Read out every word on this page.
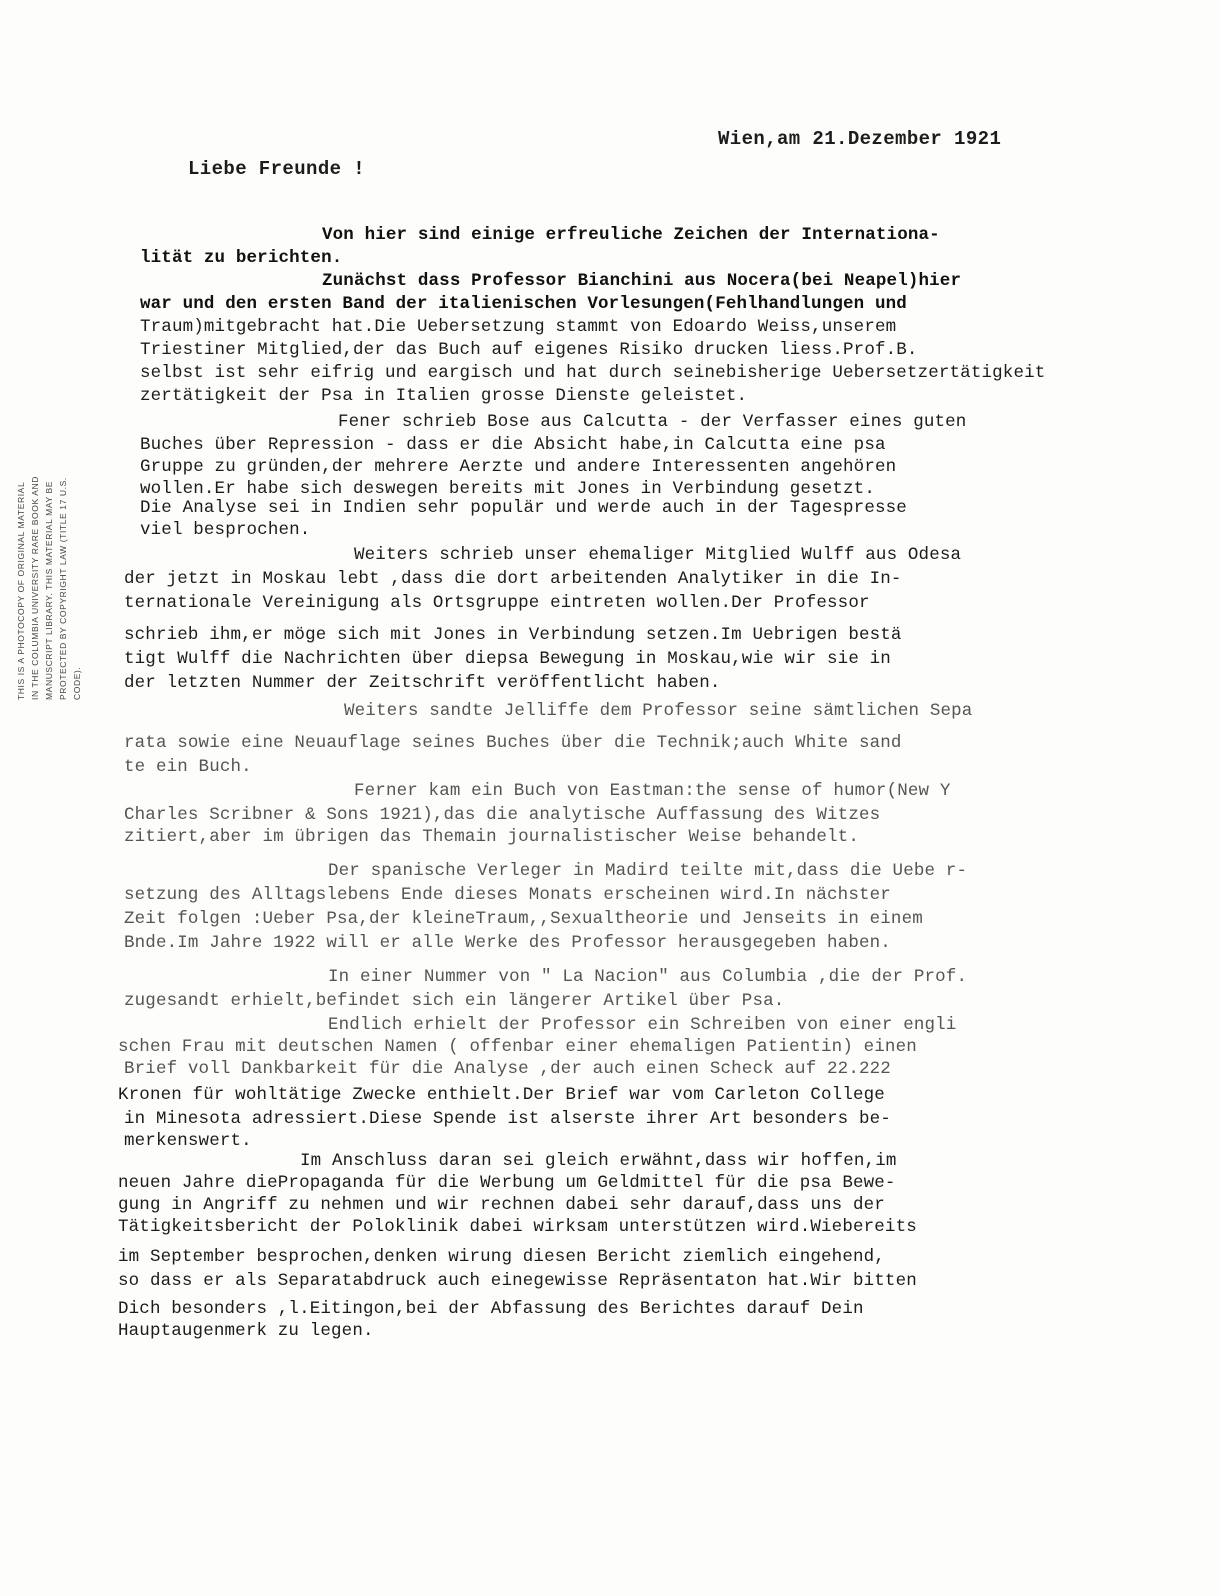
Wien,am 21.Dezember 1921
Liebe Freunde !
THIS IS A PHOTOCOPY OF ORIGINAL MATERIAL IN THE COLUMBIA UNIVERSITY RARE BOOK AND MANUSCRIPT LIBRARY. THIS MATERIAL MAY BE PROTECTED BY COPYRIGHT LAW (TITLE 17 U.S. CODE).
Von hier sind einige erfreuliche Zeichen der Internationa-
lität zu berichten.
Zunächst dass Professor Bianchini aus Nocera(bei Neapel)hier
war und den ersten Band der italienischen Vorlesungen(Fehlhandlungen und
Traum)mitgebracht hat.Die Uebersetzung stammt von Edoardo Weiss,unserem
Triestiner Mitglied,der das Buch auf eigenes Risiko drucken liess.Prof.B.
selbst ist sehr eifrig und eargisch und hat durch seinebisherige Uebersetzertätigkeit
zertätigkeit der Psa in Italien grosse Dienste geleistet.
Fener schrieb Bose aus Calcutta - der Verfasser eines guten
Buches über Repression - dass er die Absicht habe,in Calcutta eine psa
Gruppe zu gründen,der mehrere Aerzte und andere Interessenten angehören
wollen.Er habe sich deswegen bereits mit Jones in Verbindung gesetzt.
Die Analyse sei in Indien sehr populär und werde auch in der Tagespresse
viel besprochen.
Weiters schrieb unser ehemaliger Mitglied Wulff aus Odesa
der jetzt in Moskau lebt ,dass die dort arbeitenden Analytiker in die In-
ternationale Vereinigung als Ortsgruppe eintreten wollen.Der Professor
schrieb ihm,er möge sich mit Jones in Verbindung setzen.Im Uebrigen bestä
tigt Wulff die Nachrichten über diepsa Bewegung in Moskau,wie wir sie in
der letzten Nummer der Zeitschrift veröffentlicht haben.
Weiters sandte Jelliffe dem Professor seine sämtlichen Sepa
rata sowie eine Neuauflage seines Buches über die Technik;auch White sand
te ein Buch.
Ferner kam ein Buch von Eastman:the sense of humor(New Y
Charles Scribner & Sons 1921),das die analytische Auffassung des Witzes
zitiert,aber im übrigen das Themain journalistischer Weise behandelt.
Der spanische Verleger in Madird teilte mit,dass die Uebe r-
setzung des Alltagslebens Ende dieses Monats erscheinen wird.In nächster
Zeit folgen :Ueber Psa,der kleineTraum,,Sexualtheorie und Jenseits in einem
Bnde.Im Jahre 1922 will er alle Werke des Professor herausgegeben haben.
In einer Nummer von " La Nacion" aus Columbia ,die der Prof.
zugesandt erhielt,befindet sich ein längerer Artikel über Psa.
Endlich erhielt der Professor ein Schreiben von einer engli
schen Frau mit deutschen Namen ( offenbar einer ehemaligen Patientin) einen
Brief voll Dankbarkeit für die Analyse ,der auch einen Scheck auf 22.222
Kronen für wohltätige Zwecke enthielt.Der Brief war vom Carleton College
in Minesota adressiert.Diese Spende ist alserste ihrer Art besonders be-
merkenswert.
Im Anschluss daran sei gleich erwähnt,dass wir hoffen,im
neuen Jahre diePropaganda für die Werbung um Geldmittel für die psa Bewe-
gung in Angriff zu nehmen und wir rechnen dabei sehr darauf,dass uns der
Tätigkeitsbericht der Poloklinik dabei wirksam unterstützen wird.Wiebereits
im September besprochen,denken wirung diesen Bericht ziemlich eingehend,
so dass er als Separatabdruck auch einegewisse Repräsentaton hat.Wir bitten
Dich besonders ,l.Eitingon,bei der Abfassung des Berichtes darauf Dein
Hauptaugenmerk zu legen.
